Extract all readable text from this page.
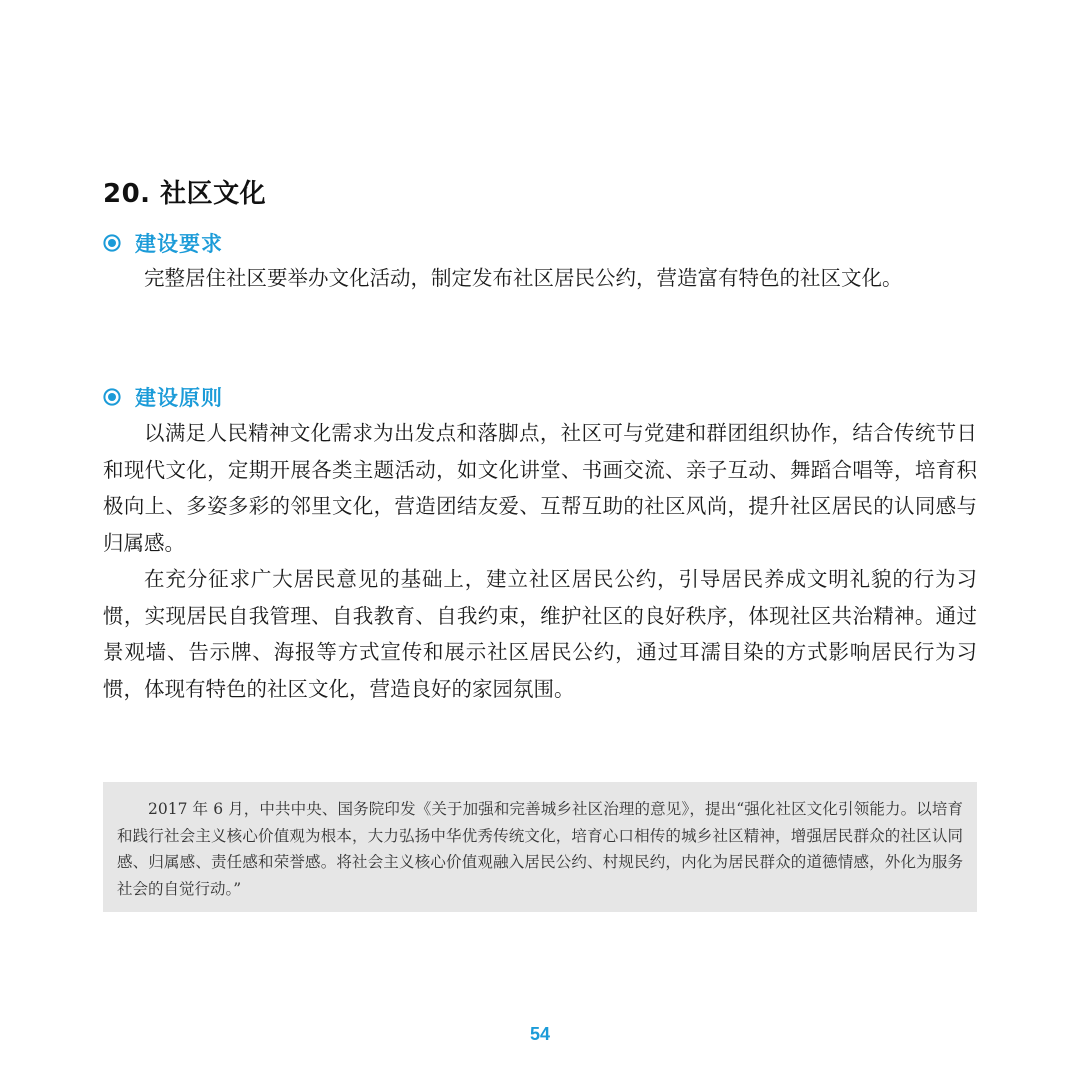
20. 社区文化
建设要求

完整居住社区要举办文化活动，制定发布社区居民公约，营造富有特色的社区文化。

建设原则

以满足人民精神文化需求为出发点和落脚点，社区可与党建和群团组织协作，结合传统节日和现代文化，定期开展各类主题活动，如文化讲堂、书画交流、亲子互动、舞蹈合唱等，培育积极向上、多姿多彩的邻里文化，营造团结友爱、互帮互助的社区风尚，提升社区居民的认同感与归属感。

在充分征求广大居民意见的基础上，建立社区居民公约，引导居民养成文明礼貌的行为习惯，实现居民自我管理、自我教育、自我约束，维护社区的良好秩序，体现社区共治精神。通过景观墙、告示牌、海报等方式宣传和展示社区居民公约，通过耳濡目染的方式影响居民行为习惯，体现有特色的社区文化，营造良好的家园氛围。

2017 年 6 月，中共中央、国务院印发《关于加强和完善城乡社区治理的意见》，提出“强化社区文化引领能力。以培育和践行社会主义核心价值观为根本，大力弘扬中华优秀传统文化，培育心口相传的城乡社区精神，增强居民群众的社区认同感、归属感、责任感和荣誉感。将社会主义核心价值观融入居民公约、村规民约，内化为居民群众的道德情感，外化为服务社会的自觉行动。”

54
